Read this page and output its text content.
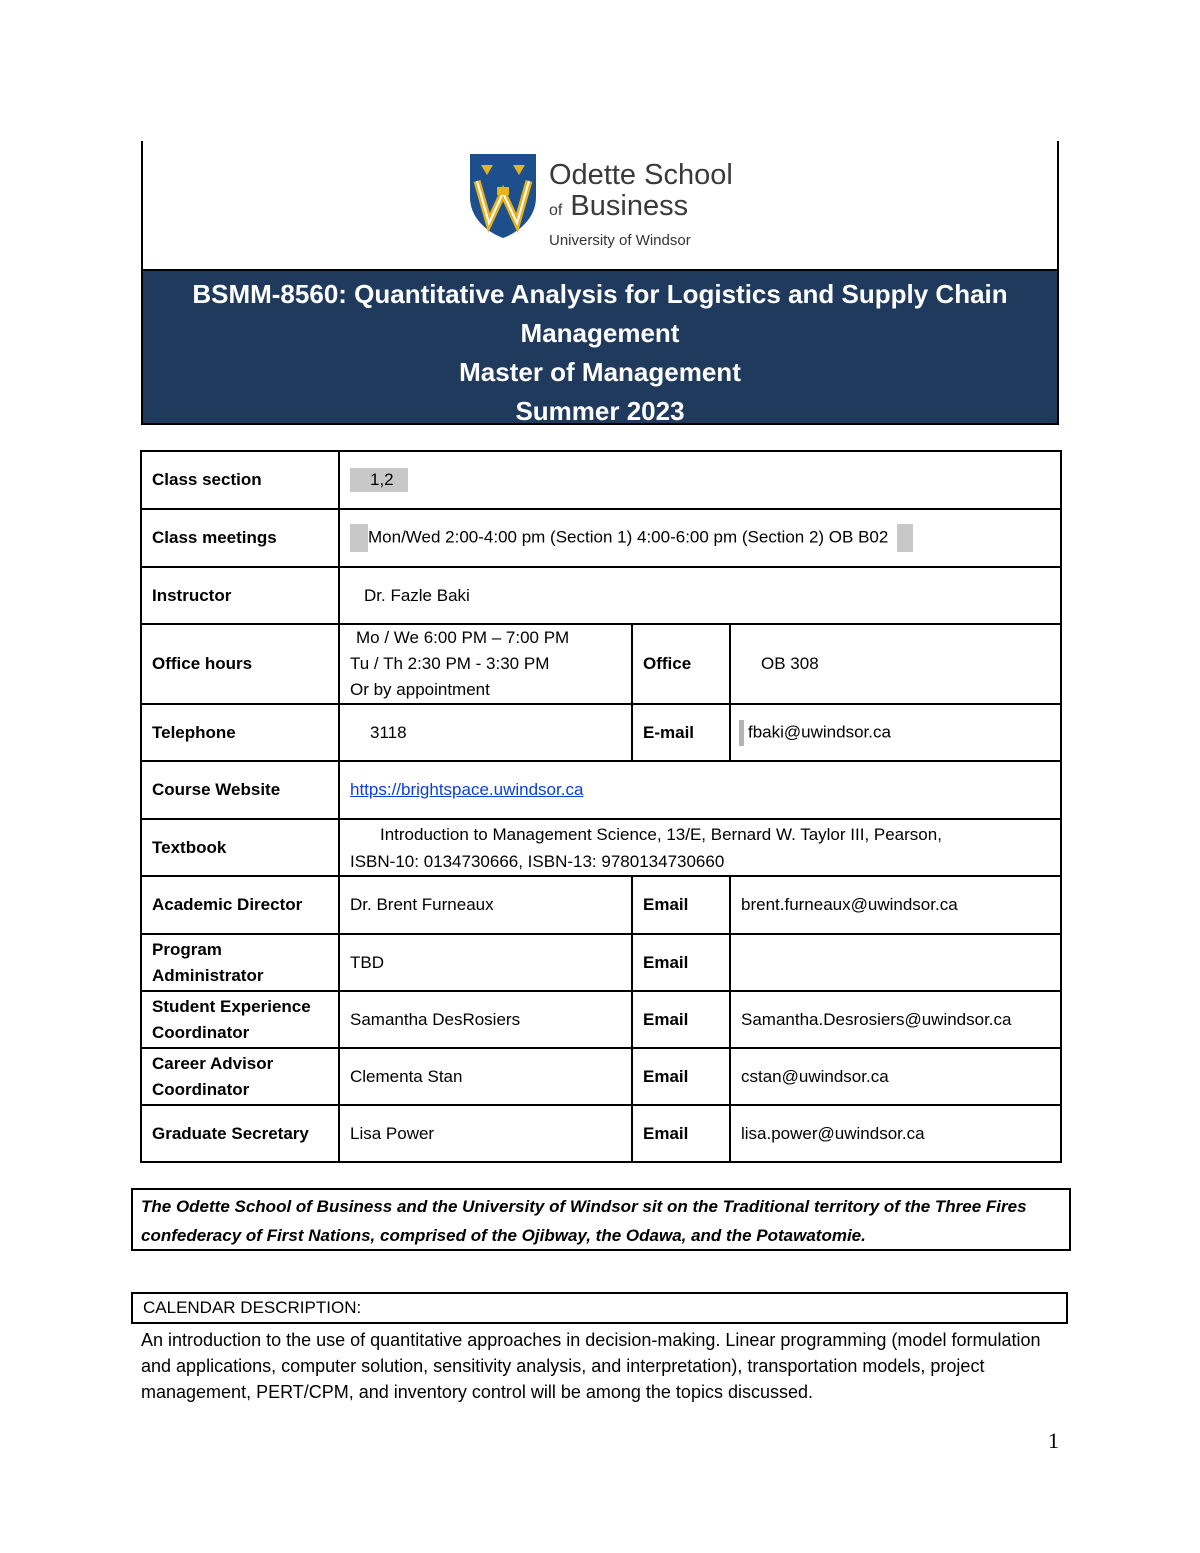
Odette School
of Business
University of Windsor
BSMM-8560: Quantitative Analysis for Logistics and Supply Chain
Management
Master of Management
Summer 2023
Class section	1,2		
Class meetings	Mon/Wed 2:00-4:00 pm (Section 1) 4:00-6:00 pm (Section 2) OB B02		
Instructor	Dr. Fazle Baki		
Office hours	Mo / We 6:00 PM – 7:00 PM
Tu / Th 2:30 PM - 3:30 PM
Or by appointment	Office	OB 308
Telephone	3118	E-mail	fbaki@uwindsor.ca
Course Website	https://brightspace.uwindsor.ca		
Textbook	Introduction to Management Science, 13/E, Bernard W. Taylor III, Pearson,
ISBN-10: 0134730666, ISBN-13: 9780134730660		

Academic Director	Dr. Brent Furneaux	Email	brent.furneaux@uwindsor.ca
Program Administrator	TBD	Email	
Student Experience Coordinator	Samantha DesRosiers	Email	Samantha.Desrosiers@uwindsor.ca
Career Advisor Coordinator	Clementa Stan	Email	cstan@uwindsor.ca
Graduate Secretary	Lisa Power	Email	lisa.power@uwindsor.ca
The Odette School of Business and the University of Windsor sit on the Traditional territory of the Three Fires confederacy of First Nations, comprised of the Ojibway, the Odawa, and the Potawatomie.
CALENDAR DESCRIPTION:
An introduction to the use of quantitative approaches in decision-making. Linear programming (model formulation and applications, computer solution, sensitivity analysis, and interpretation), transportation models, project management, PERT/CPM, and inventory control will be among the topics discussed.
1
